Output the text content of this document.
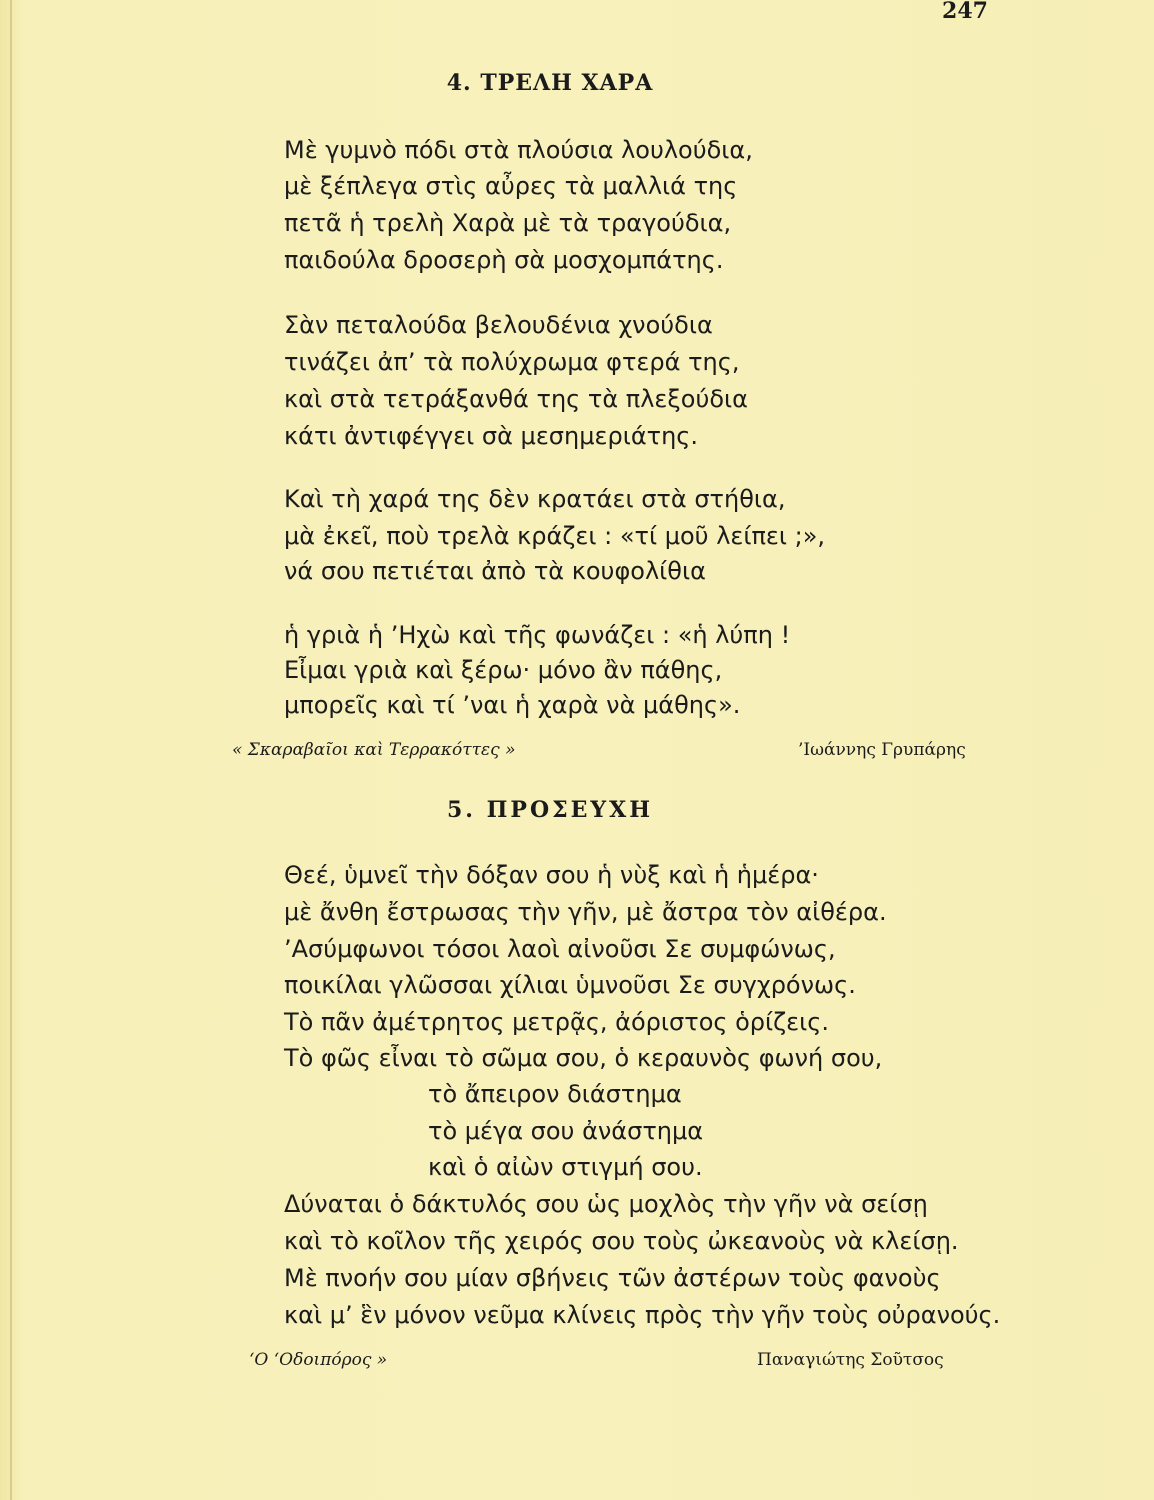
247
4. ΤΡΕΛΗ ΧΑΡΑ
Μὲ γυμνὸ πόδι στὰ πλούσια λουλούδια,
μὲ ξέπλεγα στὶς αὖρες τὰ μαλλιά της
πετᾶ ἡ τρελὴ Χαρὰ μὲ τὰ τραγούδια,
παιδούλα δροσερὴ σὰ μοσχομπάτης.
Σὰν πεταλούδα βελουδένια χνούδια
τινάζει ἀπ’ τὰ πολύχρωμα φτερά της,
καὶ στὰ τετράξανθά της τὰ πλεξούδια
κάτι ἀντιφέγγει σὰ μεσημεριάτης.
Καὶ τὴ χαρά της δὲν κρατάει στὰ στήθια,
μὰ ἐκεῖ, ποὺ τρελὰ κράζει : «τί μοῦ λείπει ;»,
νά σου πετιέται ἀπὸ τὰ κουφολίθια
ἡ γριὰ ἡ ’Ηχὼ καὶ τῆς φωνάζει : «ἡ λύπη !
Εἶμαι γριὰ καὶ ξέρω· μόνο ἂν πάθης,
μπορεῖς καὶ τί ’ναι ἡ χαρὰ νὰ μάθης».
« Σκαραβαῖοι καὶ Τερρακόττες »	’Ιωάννης Γρυπάρης
5. ΠΡΟΣΕΥΧΗ
Θεέ, ὑμνεῖ τὴν δόξαν σου ἡ νὺξ καὶ ἡ ἡμέρα·
μὲ ἄνθη ἔστρωσας τὴν γῆν, μὲ ἄστρα τὸν αἰθέρα.
’Ασύμφωνοι τόσοι λαοὶ αἰνοῦσι Σε συμφώνως,
ποικίλαι γλῶσσαι χίλιαι ὑμνοῦσι Σε συγχρόνως.
Τὸ πᾶν ἀμέτρητος μετρᾷς, ἀόριστος ὁρίζεις.
Τὸ φῶς εἶναι τὸ σῶμα σου, ὁ κεραυνὸς φωνή σου,
τὸ ἄπειρον διάστημα
τὸ μέγα σου ἀνάστημα
καὶ ὁ αἰὼν στιγμή σου.
Δύναται ὁ δάκτυλός σου ὡς μοχλὸς τὴν γῆν νὰ σείσῃ
καὶ τὸ κοῖλον τῆς χειρός σου τοὺς ὠκεανοὺς νὰ κλείσῃ.
Μὲ πνοήν σου μίαν σβήνεις τῶν ἀστέρων τοὺς φανοὺς
καὶ μ’ ἓν μόνον νεῦμα κλίνεις πρὸς τὴν γῆν τοὺς οὐρανούς.
‘Ο ‘Οδοιπόρος »	Παναγιώτης Σοῦτσος
